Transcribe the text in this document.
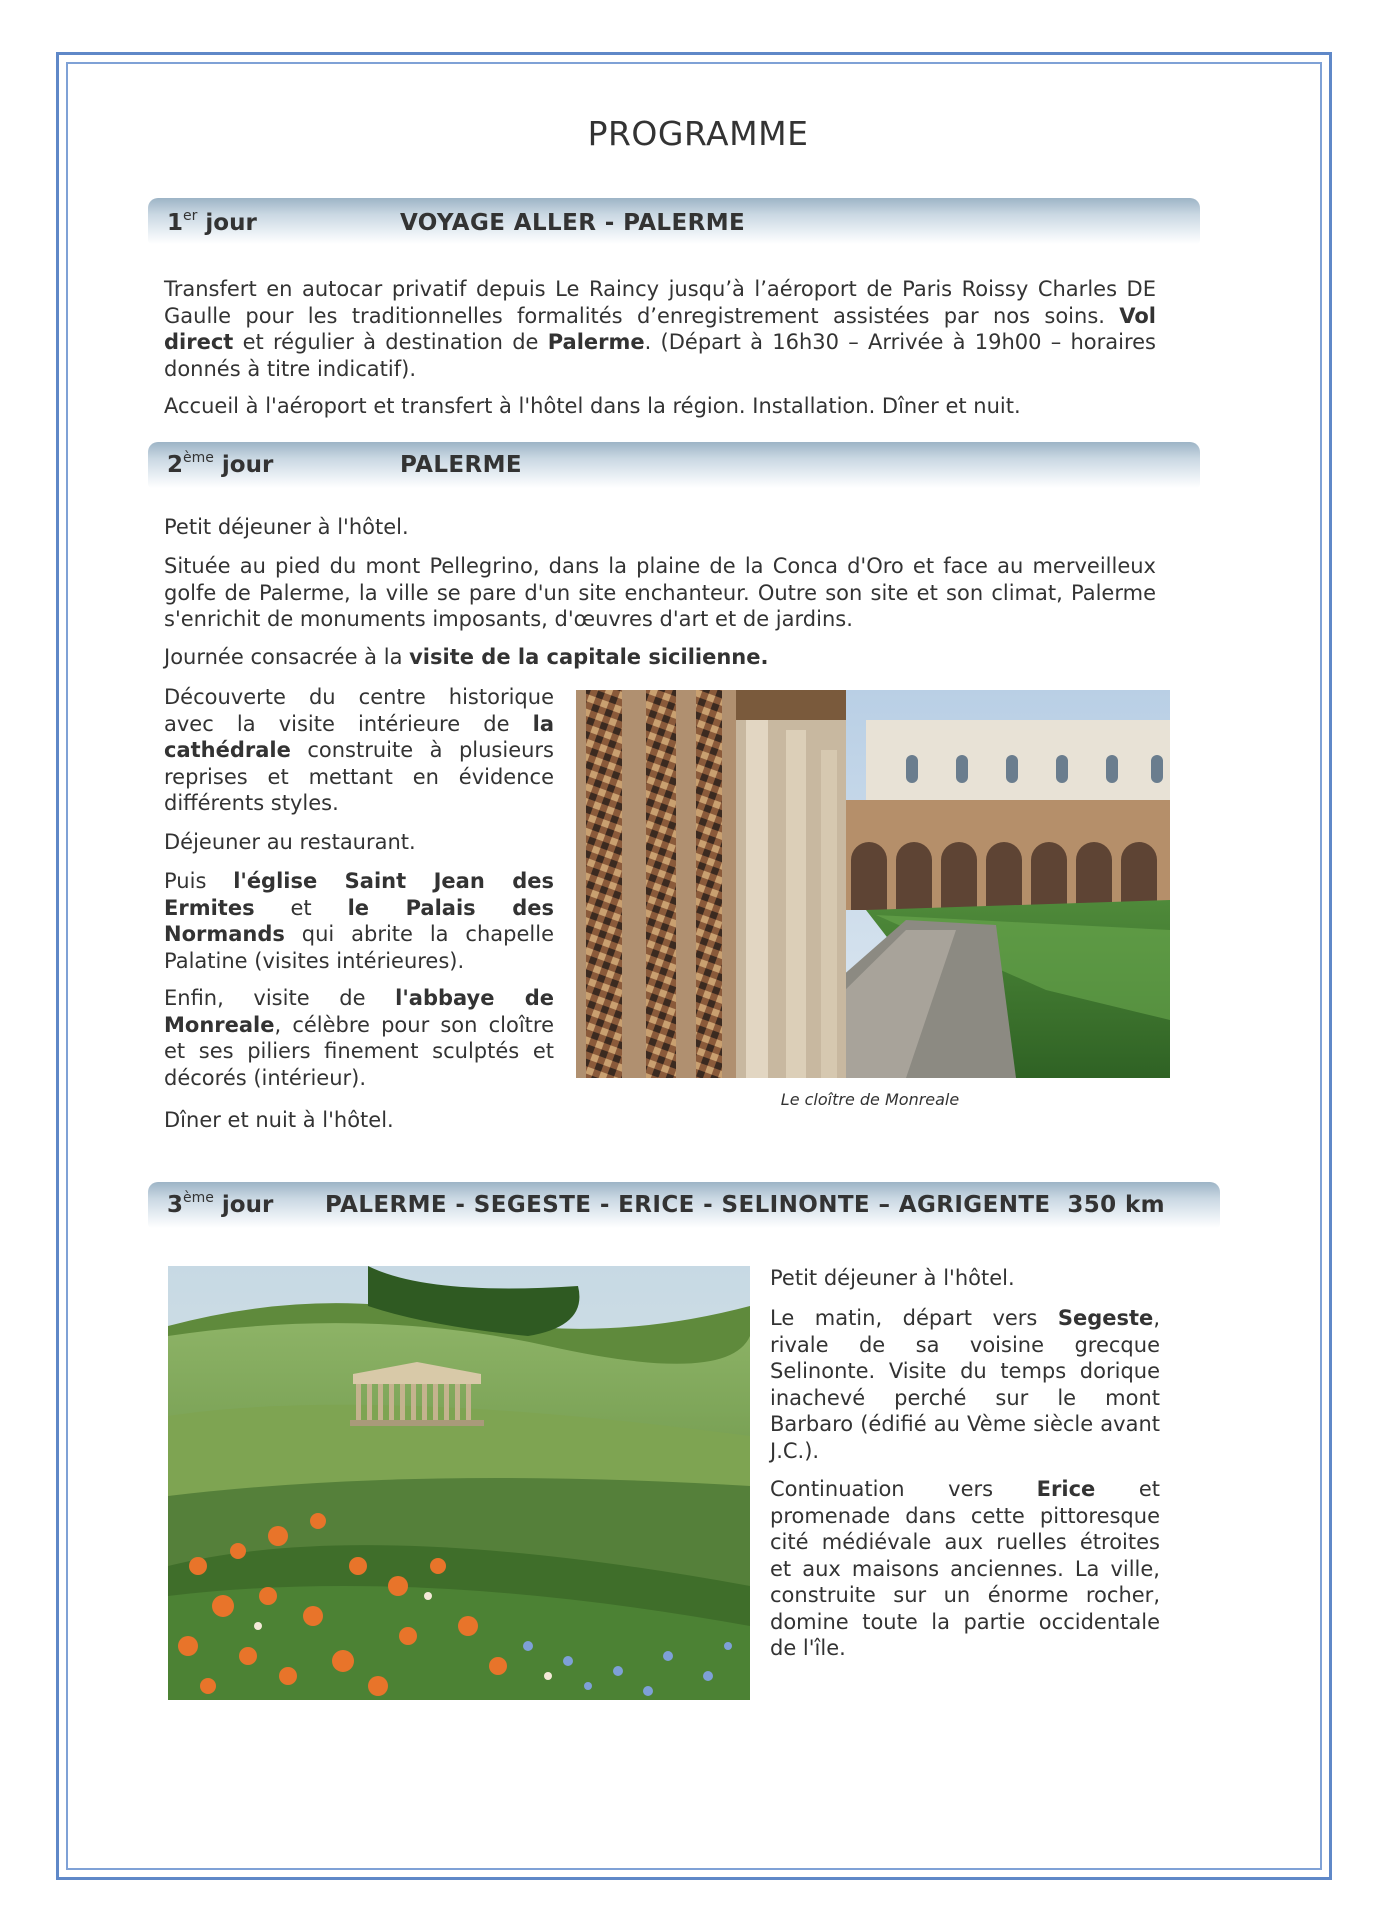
PROGRAMME
1er jour	VOYAGE ALLER - PALERME
Transfert en autocar privatif depuis Le Raincy jusqu’à l’aéroport de Paris Roissy Charles DE Gaulle pour les traditionnelles formalités d’enregistrement assistées par nos soins. Vol direct et régulier à destination de Palerme. (Départ à 16h30 – Arrivée à 19h00 – horaires donnés à titre indicatif).
Accueil à l'aéroport et transfert à l'hôtel dans la région. Installation. Dîner et nuit.
2ème jour	PALERME
Petit déjeuner à l'hôtel.
Située au pied du mont Pellegrino, dans la plaine de la Conca d'Oro et face au merveilleux golfe de Palerme, la ville se pare d'un site enchanteur. Outre son site et son climat, Palerme s'enrichit de monuments imposants, d'œuvres d'art et de jardins.
Journée consacrée à la visite de la capitale sicilienne.
Découverte du centre historique avec la visite intérieure de la cathédrale construite à plusieurs reprises et mettant en évidence différents styles.
Déjeuner au restaurant.
Puis l'église Saint Jean des Ermites et le Palais des Normands qui abrite la chapelle Palatine (visites intérieures).
Enfin, visite de l'abbaye de Monreale, célèbre pour son cloître et ses piliers finement sculptés et décorés (intérieur).
Dîner et nuit à l'hôtel.
Le cloître de Monreale
3ème jour PALERME - SEGESTE - ERICE - SELINONTE – AGRIGENTE  350 km
Petit déjeuner à l'hôtel.
Le matin, départ vers Segeste, rivale de sa voisine grecque Selinonte. Visite du temps dorique inachevé perché sur le mont Barbaro (édifié au Vème siècle avant J.C.).
Continuation vers Erice et promenade dans cette pittoresque cité médiévale aux ruelles étroites et aux maisons anciennes. La ville, construite sur un énorme rocher, domine toute la partie occidentale de l'île.
